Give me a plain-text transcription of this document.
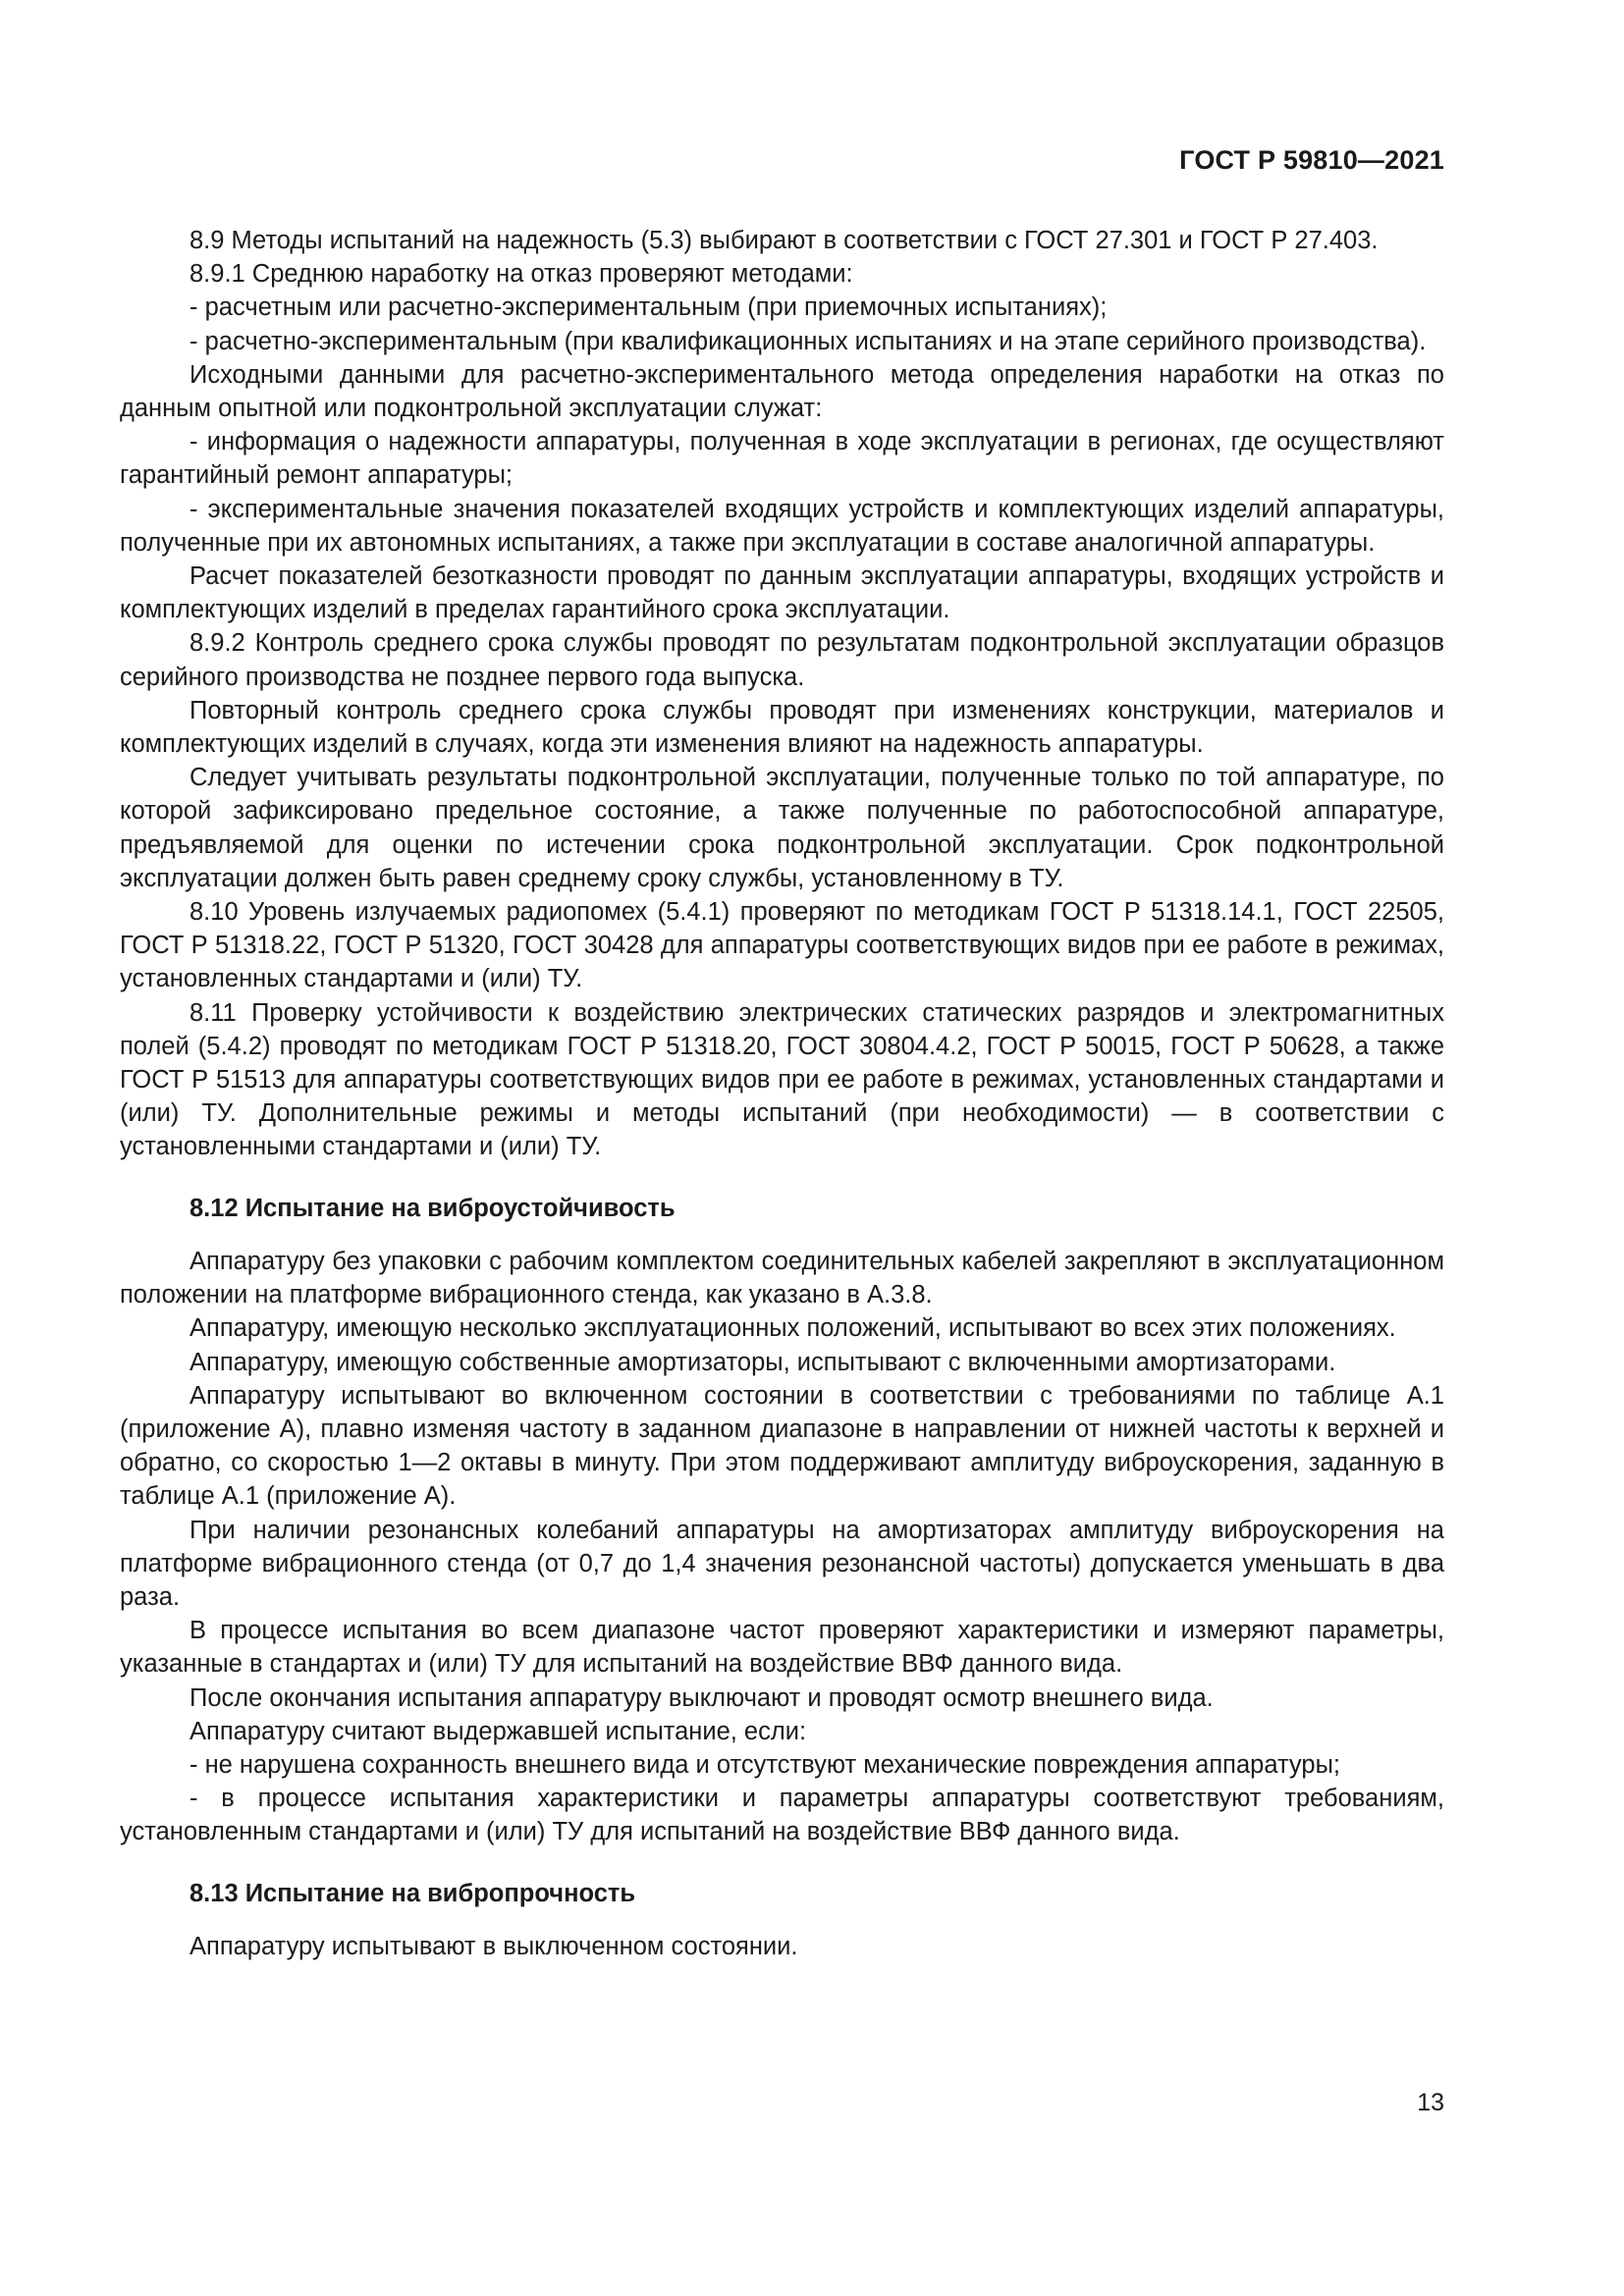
ГОСТ Р 59810—2021

8.9 Методы испытаний на надежность (5.3) выбирают в соответствии с ГОСТ 27.301 и ГОСТ Р 27.403.

8.9.1 Среднюю наработку на отказ проверяют методами:

- расчетным или расчетно-экспериментальным (при приемочных испытаниях);

- расчетно-экспериментальным (при квалификационных испытаниях и на этапе серийного производства).

Исходными данными для расчетно-экспериментального метода определения наработки на отказ по данным опытной или подконтрольной эксплуатации служат:

- информация о надежности аппаратуры, полученная в ходе эксплуатации в регионах, где осуществляют гарантийный ремонт аппаратуры;

- экспериментальные значения показателей входящих устройств и комплектующих изделий аппаратуры, полученные при их автономных испытаниях, а также при эксплуатации в составе аналогичной аппаратуры.

Расчет показателей безотказности проводят по данным эксплуатации аппаратуры, входящих устройств и комплектующих изделий в пределах гарантийного срока эксплуатации.

8.9.2 Контроль среднего срока службы проводят по результатам подконтрольной эксплуатации образцов серийного производства не позднее первого года выпуска.

Повторный контроль среднего срока службы проводят при изменениях конструкции, материалов и комплектующих изделий в случаях, когда эти изменения влияют на надежность аппаратуры.

Следует учитывать результаты подконтрольной эксплуатации, полученные только по той аппаратуре, по которой зафиксировано предельное состояние, а также полученные по работоспособной аппаратуре, предъявляемой для оценки по истечении срока подконтрольной эксплуатации. Срок подконтрольной эксплуатации должен быть равен среднему сроку службы, установленному в ТУ.

8.10 Уровень излучаемых радиопомех (5.4.1) проверяют по методикам ГОСТ Р 51318.14.1, ГОСТ 22505, ГОСТ Р 51318.22, ГОСТ Р 51320, ГОСТ 30428 для аппаратуры соответствующих видов при ее работе в режимах, установленных стандартами и (или) ТУ.

8.11 Проверку устойчивости к воздействию электрических статических разрядов и электромагнитных полей (5.4.2) проводят по методикам ГОСТ Р 51318.20, ГОСТ 30804.4.2, ГОСТ Р 50015, ГОСТ Р 50628, а также ГОСТ Р 51513 для аппаратуры соответствующих видов при ее работе в режимах, установленных стандартами и (или) ТУ. Дополнительные режимы и методы испытаний (при необходимости) — в соответствии с установленными стандартами и (или) ТУ.

8.12 Испытание на виброустойчивость

Аппаратуру без упаковки с рабочим комплектом соединительных кабелей закрепляют в эксплуатационном положении на платформе вибрационного стенда, как указано в А.3.8.

Аппаратуру, имеющую несколько эксплуатационных положений, испытывают во всех этих положениях.

Аппаратуру, имеющую собственные амортизаторы, испытывают с включенными амортизаторами.

Аппаратуру испытывают во включенном состоянии в соответствии с требованиями по таблице А.1 (приложение А), плавно изменяя частоту в заданном диапазоне в направлении от нижней частоты к верхней и обратно, со скоростью 1—2 октавы в минуту. При этом поддерживают амплитуду виброускорения, заданную в таблице А.1 (приложение А).

При наличии резонансных колебаний аппаратуры на амортизаторах амплитуду виброускорения на платформе вибрационного стенда (от 0,7 до 1,4 значения резонансной частоты) допускается уменьшать в два раза.

В процессе испытания во всем диапазоне частот проверяют характеристики и измеряют параметры, указанные в стандартах и (или) ТУ для испытаний на воздействие ВВФ данного вида.

После окончания испытания аппаратуру выключают и проводят осмотр внешнего вида.

Аппаратуру считают выдержавшей испытание, если:

- не нарушена сохранность внешнего вида и отсутствуют механические повреждения аппаратуры;

- в процессе испытания характеристики и параметры аппаратуры соответствуют требованиям, установленным стандартами и (или) ТУ для испытаний на воздействие ВВФ данного вида.

8.13 Испытание на вибропрочность

Аппаратуру испытывают в выключенном состоянии.

13
